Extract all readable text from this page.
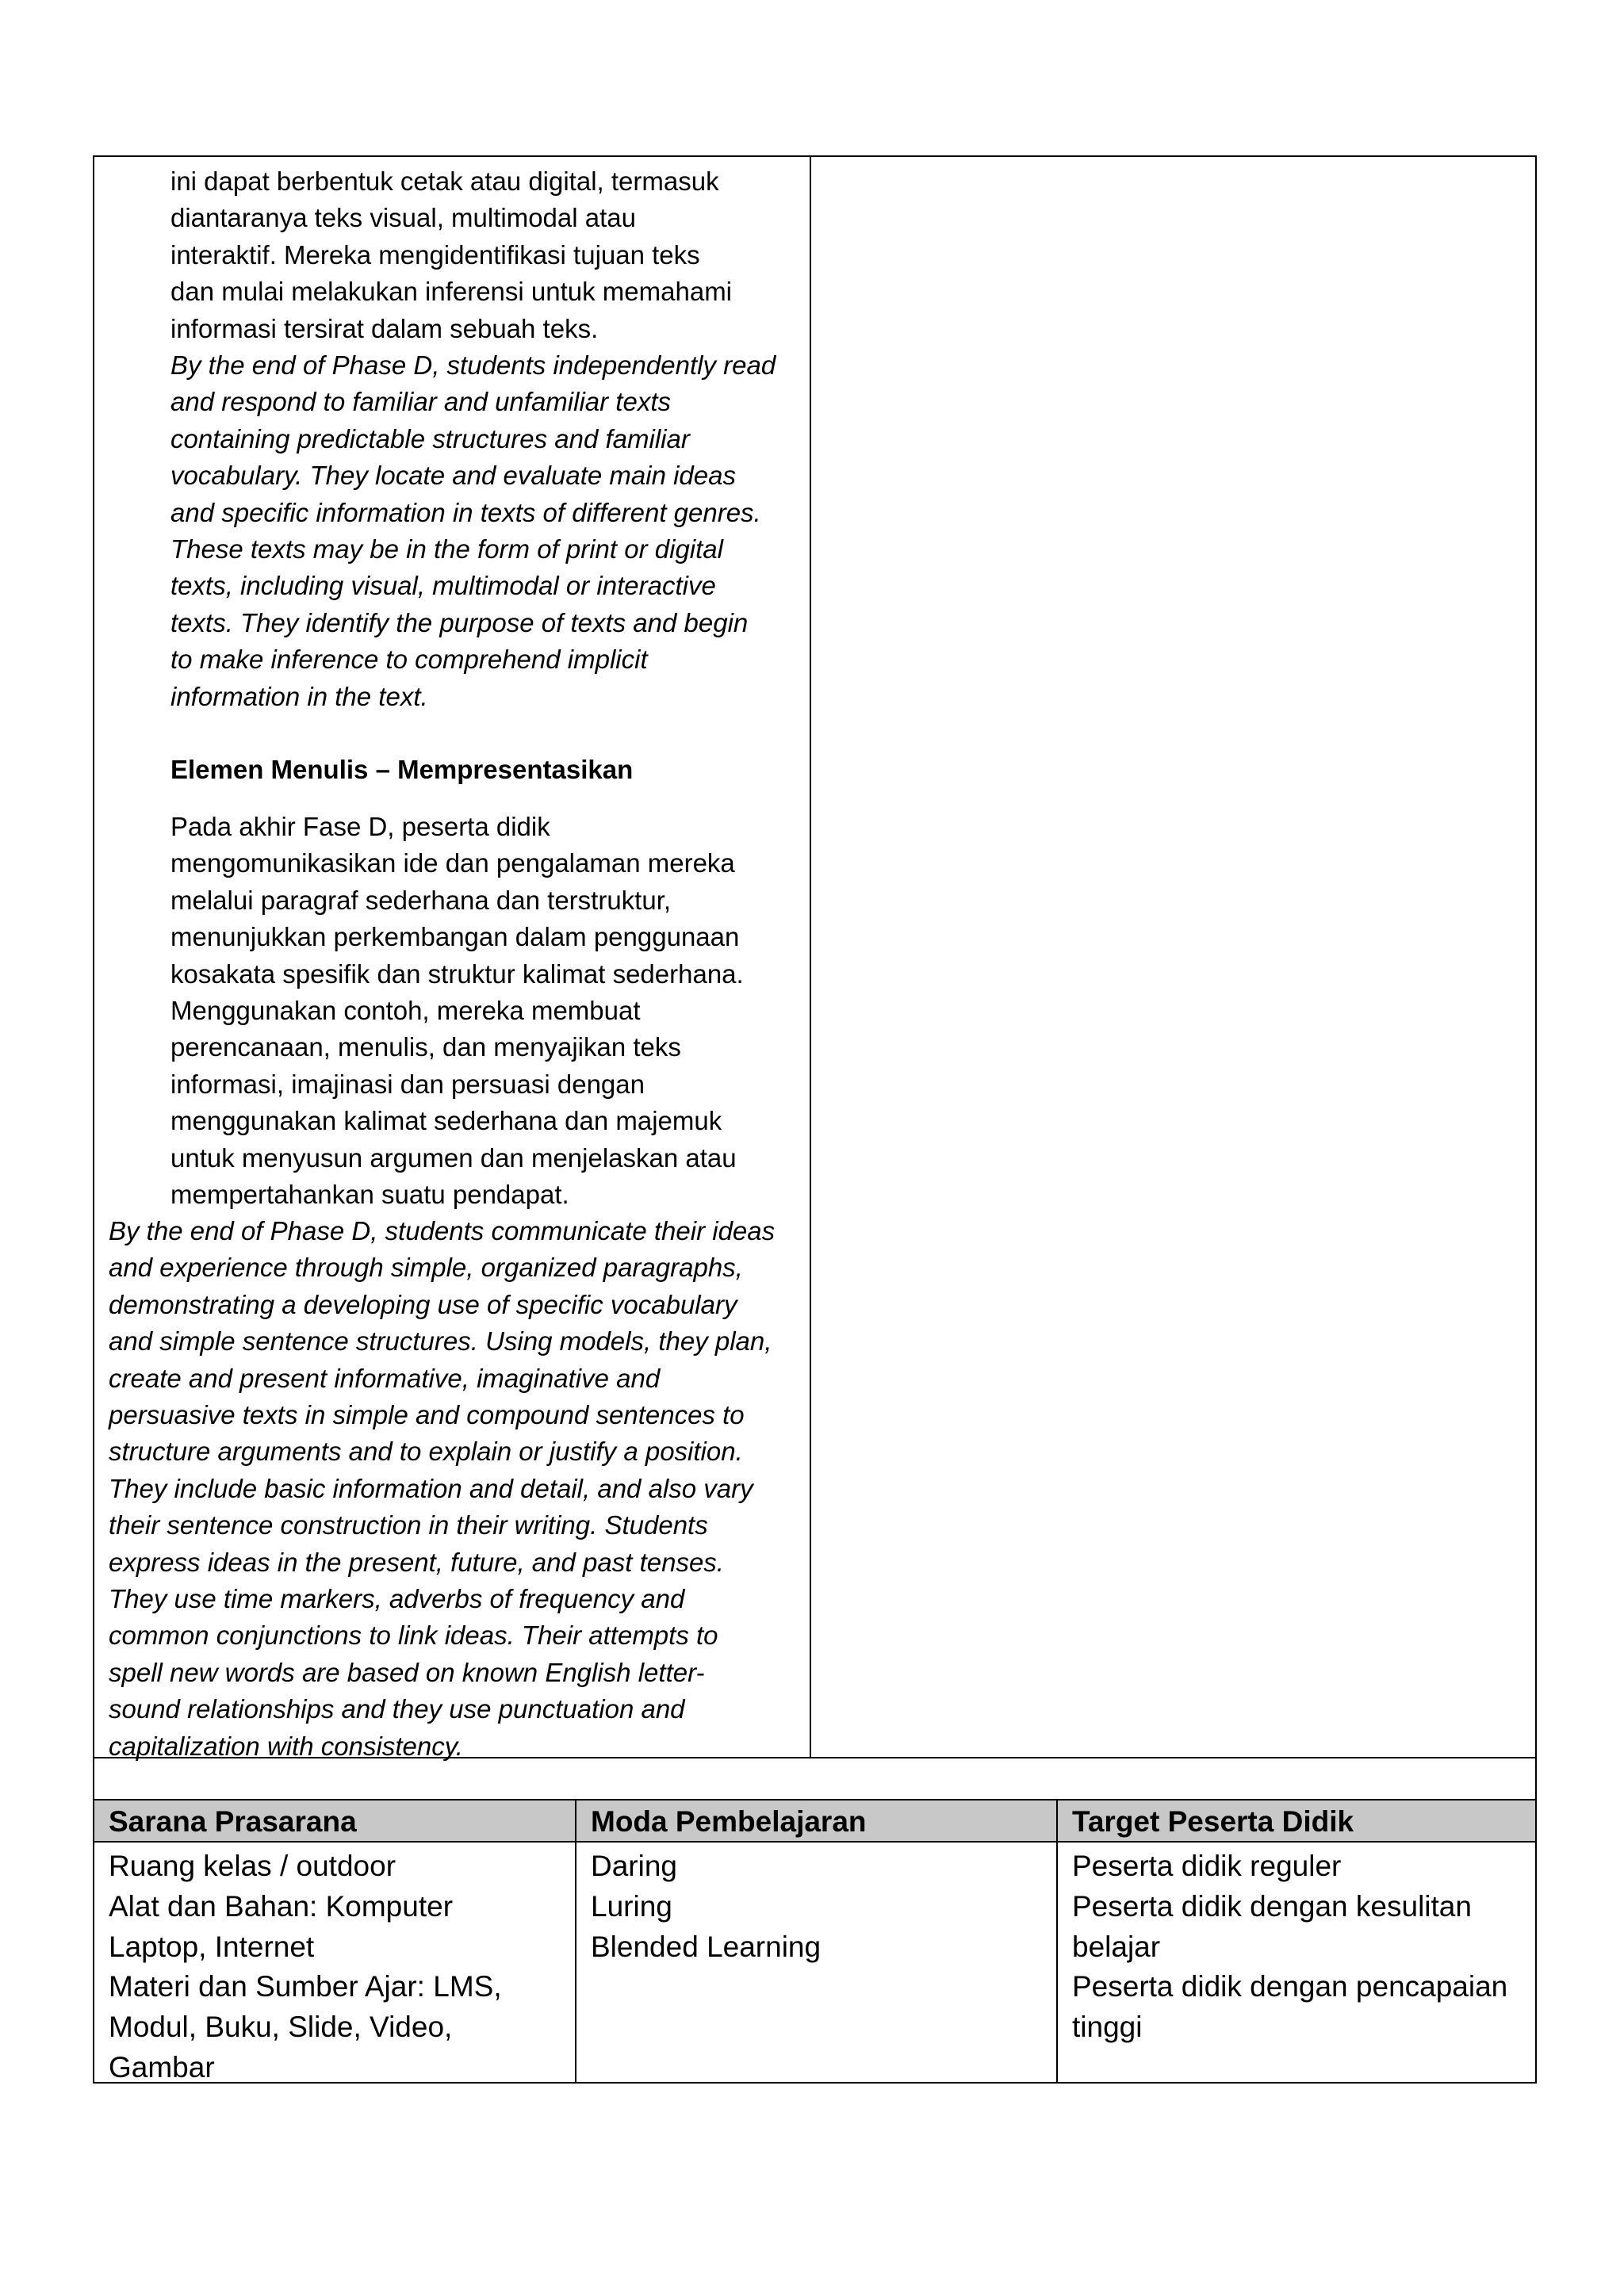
ini dapat berbentuk cetak atau digital, termasuk
diantaranya teks visual, multimodal atau
interaktif. Mereka mengidentifikasi tujuan teks
dan mulai melakukan inferensi untuk memahami
informasi tersirat dalam sebuah teks.
By the end of Phase D, students independently read
and respond to familiar and unfamiliar texts
containing predictable structures and familiar
vocabulary. They locate and evaluate main ideas
and specific information in texts of different genres.
These texts may be in the form of print or digital
texts, including visual, multimodal or interactive
texts. They identify the purpose of texts and begin
to make inference to comprehend implicit
information in the text.
Elemen Menulis – Mempresentasikan
Pada akhir Fase D, peserta didik
mengomunikasikan ide dan pengalaman mereka
melalui paragraf sederhana dan terstruktur,
menunjukkan perkembangan dalam penggunaan
kosakata spesifik dan struktur kalimat sederhana.
Menggunakan contoh, mereka membuat
perencanaan, menulis, dan menyajikan teks
informasi, imajinasi dan persuasi dengan
menggunakan kalimat sederhana dan majemuk
untuk menyusun argumen dan menjelaskan atau
mempertahankan suatu pendapat.
By the end of Phase D, students communicate their ideas
and experience through simple, organized paragraphs,
demonstrating a developing use of specific vocabulary
and simple sentence structures. Using models, they plan,
create and present informative, imaginative and
persuasive texts in simple and compound sentences to
structure arguments and to explain or justify a position.
They include basic information and detail, and also vary
their sentence construction in their writing. Students
express ideas in the present, future, and past tenses.
They use time markers, adverbs of frequency and
common conjunctions to link ideas. Their attempts to
spell new words are based on known English letter-
sound relationships and they use punctuation and
capitalization with consistency.
Sarana Prasarana	Moda Pembelajaran	Target Peserta Didik
Ruang kelas / outdoor
Alat dan Bahan: Komputer
Laptop, Internet
Materi dan Sumber Ajar: LMS,
Modul, Buku, Slide, Video,
Gambar
Daring
Luring
Blended Learning
Peserta didik reguler
Peserta didik dengan kesulitan
belajar
Peserta didik dengan pencapaian
tinggi
